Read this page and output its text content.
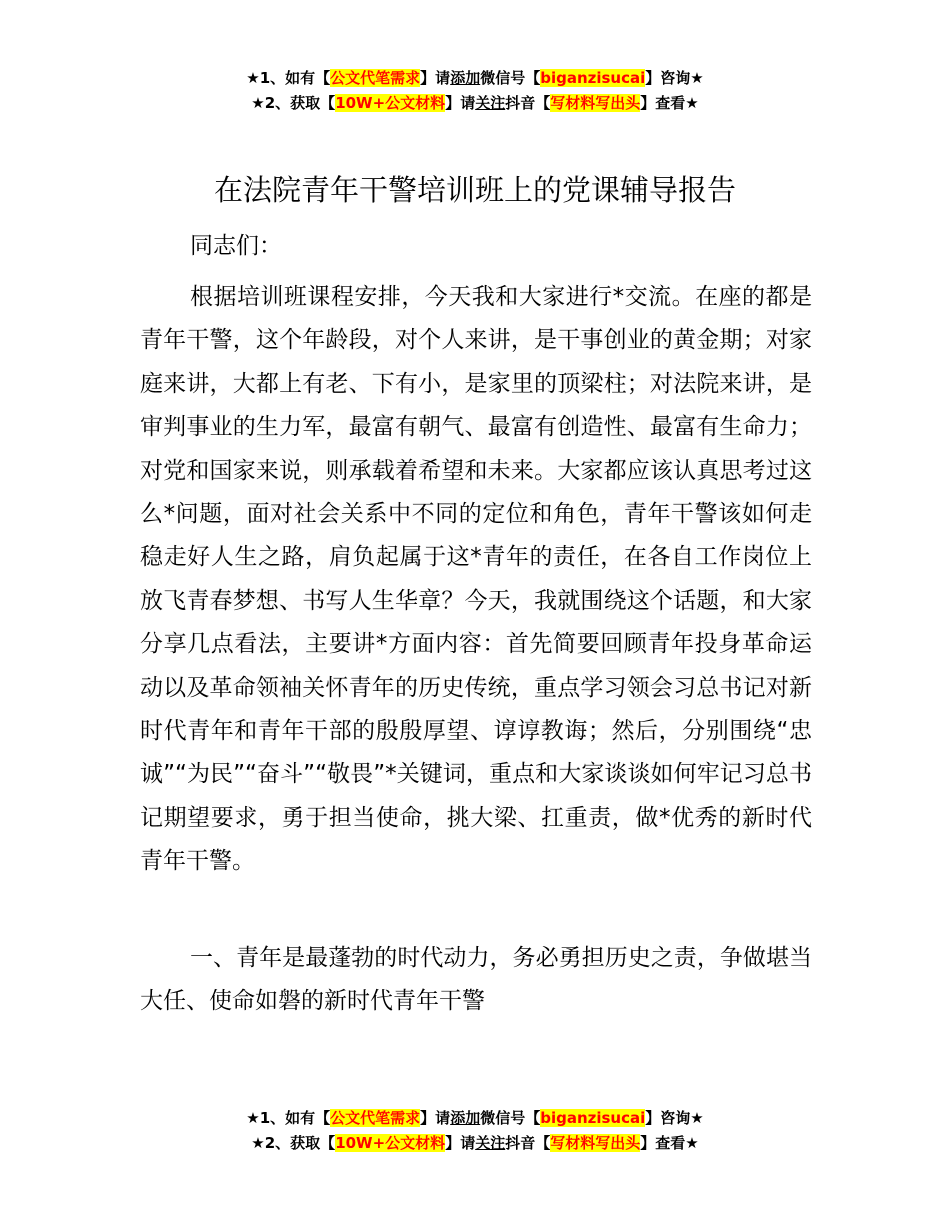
★1、如有【公文代笔需求】请添加微信号【biganzisucai】咨询★
★2、获取【10W+公文材料】请关注抖音【写材料写出头】查看★
在法院青年干警培训班上的党课辅导报告
同志们：

根据培训班课程安排，今天我和大家进行*交流。在座的都是青年干警，这个年龄段，对个人来讲，是干事创业的黄金期；对家庭来讲，大都上有老、下有小，是家里的顶梁柱；对法院来讲，是审判事业的生力军，最富有朝气、最富有创造性、最富有生命力；对党和国家来说，则承载着希望和未来。大家都应该认真思考过这么*问题，面对社会关系中不同的定位和角色，青年干警该如何走稳走好人生之路，肩负起属于这*青年的责任，在各自工作岗位上放飞青春梦想、书写人生华章？今天，我就围绕这个话题，和大家分享几点看法，主要讲*方面内容：首先简要回顾青年投身革命运动以及革命领袖关怀青年的历史传统，重点学习领会习总书记对新时代青年和青年干部的殷殷厚望、谆谆教诲；然后，分别围绕“忠诚”“为民”“奋斗”“敬畏”*关键词，重点和大家谈谈如何牢记习总书记期望要求，勇于担当使命，挑大梁、扛重责，做*优秀的新时代青年干警。

一、青年是最蓬勃的时代动力，务必勇担历史之责，争做堪当大任、使命如磐的新时代青年干警

★1、如有【公文代笔需求】请添加微信号【biganzisucai】咨询★
★2、获取【10W+公文材料】请关注抖音【写材料写出头】查看★
